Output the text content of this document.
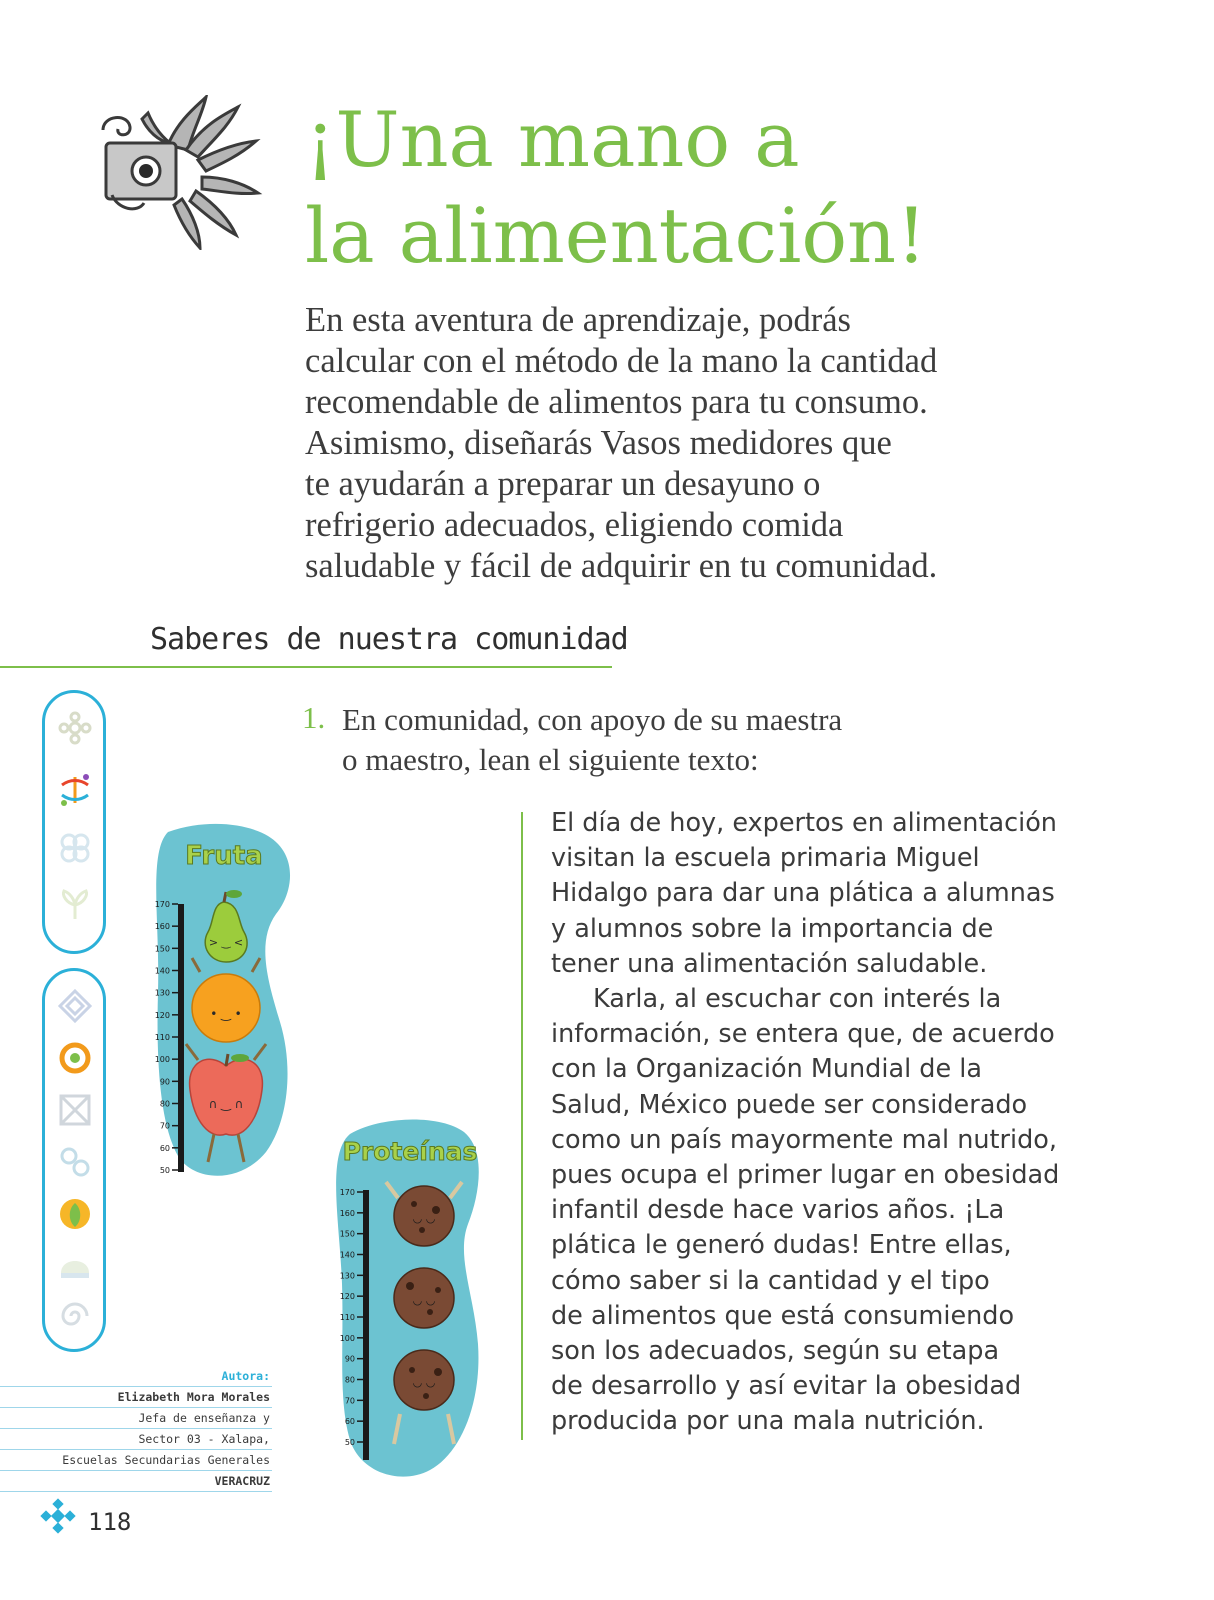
¡Una mano a
la alimentación!
En esta aventura de aprendizaje, podrás
calcular con el método de la mano la cantidad
recomendable de alimentos para tu consumo.
Asimismo, diseñarás Vasos medidores que
te ayudarán a preparar un desayuno o
refrigerio adecuados, eligiendo comida
saludable y fácil de adquirir en tu comunidad.
Saberes de nuestra comunidad
1. En comunidad, con apoyo de su maestra
o maestro, lean el siguiente texto:
El día de hoy, expertos en alimentación
visitan la escuela primaria Miguel
Hidalgo para dar una plática a alumnas
y alumnos sobre la importancia de
tener una alimentación saludable.
Karla, al escuchar con interés la
información, se entera que, de acuerdo
con la Organización Mundial de la
Salud, México puede ser considerado
como un país mayormente mal nutrido,
pues ocupa el primer lugar en obesidad
infantil desde hace varios años. ¡La
plática le generó dudas! Entre ellas,
cómo saber si la cantidad y el tipo
de alimentos que está consumiendo
son los adecuados, según su etapa
de desarrollo y así evitar la obesidad
producida por una mala nutrición.
Fruta
170
160
150
140
130
120
110
100
90
80
70
60
50
> ‿ <
• ‿ •
∩ ‿ ∩
Proteínas
170
160
150
140
130
120
110
100
90
80
70
60
50
◡ ◡
◡ ◡
◡ ◡
Autora:
Elizabeth Mora Morales
Jefa de enseñanza y
Sector 03 - Xalapa,
Escuelas Secundarias Generales
VERACRUZ
118
